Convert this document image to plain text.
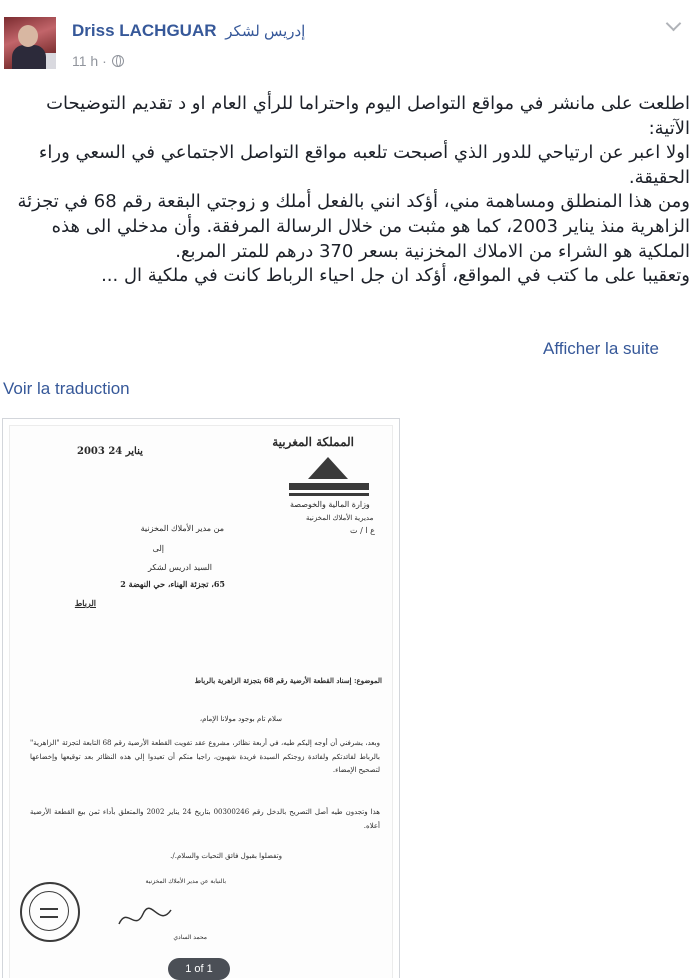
Driss LACHGUAR إدريس لشكر
11 h ·

اطلعت على مانشر في مواقع التواصل اليوم واحتراما للرأي العام او د تقديم التوضيحات الآتية:

اولا اعبر عن ارتياحي للدور الذي أصبحت تلعبه مواقع التواصل الاجتماعي في السعي وراء الحقيقة.

ومن هذا المنطلق ومساهمة مني، أؤكد انني بالفعل أملك و زوجتي البقعة رقم 68 في تجزئة الزاهرية منذ يناير 2003، كما هو مثبت من خلال الرسالة المرفقة. وأن مدخلي الى هذه الملكية هو الشراء من الاملاك المخزنية بسعر 370 درهم للمتر المربع.

وتعقيبا على ما كتب في المواقع، أؤكد ان جل احياء الرباط كانت في ملكية ال ...

Afficher la suite
Voir la traduction
المملكة المغربية
2003 يناير 24
وزارة المالية والخوصصة
مديرية الأملاك المخزنية
ع ا / ت
من مدير الأملاك المخزنية
إلى
السيد ادريس لشكر
65، تجزئة الهناء، حي النهضة 2
الرباط
الموضوع: إسناد القطعة الأرضية رقم 68 بتجزئة الزاهرية بالرباط
سلام تام بوجود مولانا الإمام،
وبعد، يشرفني أن أوجه إليكم طيه، في أربعة نظائر، مشروع عقد تفويت القطعة الأرضية رقم 68 التابعة لتجزئة "الزاهرية" بالرباط لفائدتكم ولفائدة زوجتكم السيدة فريدة شهبون، راجيا منكم أن تعيدوا إلي هذه النظائر بعد توقيعها وإخضاعها لتصحيح الإمضاء.
هذا وتجدون طيه أصل التصريح بالدخل رقم 00300246 بتاريخ 24 يناير 2002 والمتعلق بأداء ثمن بيع القطعة الأرضية أعلاه.
وتفضلوا بقبول فائق التحيات والسلام./.
بالنيابة عن مدير الأملاك المخزنية
محمد السادي
1 of 1
